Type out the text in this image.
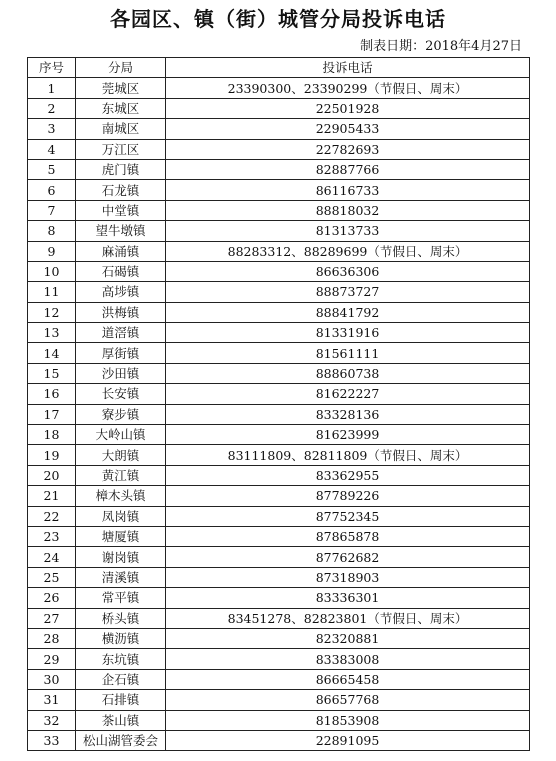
各园区、镇（街）城管分局投诉电话
制表日期：2018年4月27日
序号	分局	投诉电话
1	莞城区	23390300、23390299（节假日、周末）
2	东城区	22501928
3	南城区	22905433
4	万江区	22782693
5	虎门镇	82887766
6	石龙镇	86116733
7	中堂镇	88818032
8	望牛墩镇	81313733
9	麻涌镇	88283312、88289699（节假日、周末）
10	石碣镇	86636306
11	高埗镇	88873727
12	洪梅镇	88841792
13	道滘镇	81331916
14	厚街镇	81561111
15	沙田镇	88860738
16	长安镇	81622227
17	寮步镇	83328136
18	大岭山镇	81623999
19	大朗镇	83111809、82811809（节假日、周末）
20	黄江镇	83362955
21	樟木头镇	87789226
22	凤岗镇	87752345
23	塘厦镇	87865878
24	谢岗镇	87762682
25	清溪镇	87318903
26	常平镇	83336301
27	桥头镇	83451278、82823801（节假日、周末）
28	横沥镇	82320881
29	东坑镇	83383008
30	企石镇	86665458
31	石排镇	86657768
32	茶山镇	81853908
33	松山湖管委会	22891095
